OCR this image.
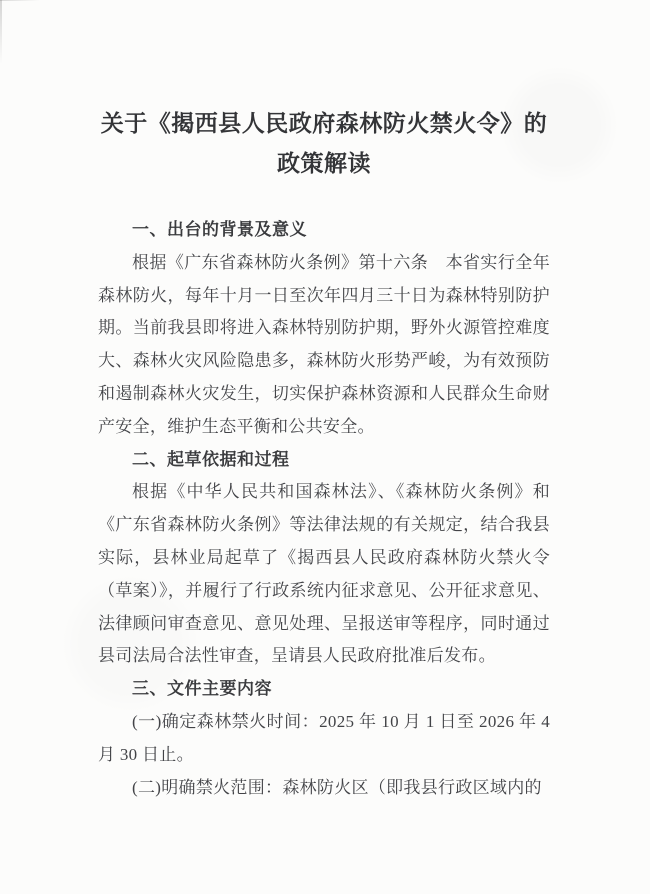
关于《揭西县人民政府森林防火禁火令》的
政策解读
一、出台的背景及意义

根据《广东省森林防火条例》第十六条　本省实行全年森林防火，每年十月一日至次年四月三十日为森林特别防护期。当前我县即将进入森林特别防护期，野外火源管控难度大、森林火灾风险隐患多，森林防火形势严峻，为有效预防和遏制森林火灾发生，切实保护森林资源和人民群众生命财产安全，维护生态平衡和公共安全。

二、起草依据和过程

根据《中华人民共和国森林法》、《森林防火条例》和《广东省森林防火条例》等法律法规的有关规定，结合我县实际，县林业局起草了《揭西县人民政府森林防火禁火令（草案）》，并履行了行政系统内征求意见、公开征求意见、法律顾问审查意见、意见处理、呈报送审等程序，同时通过县司法局合法性审查，呈请县人民政府批准后发布。

三、文件主要内容

(一)确定森林禁火时间：2025 年 10 月 1 日至 2026 年 4 月 30 日止。

(二)明确禁火范围：森林防火区（即我县行政区域内的
